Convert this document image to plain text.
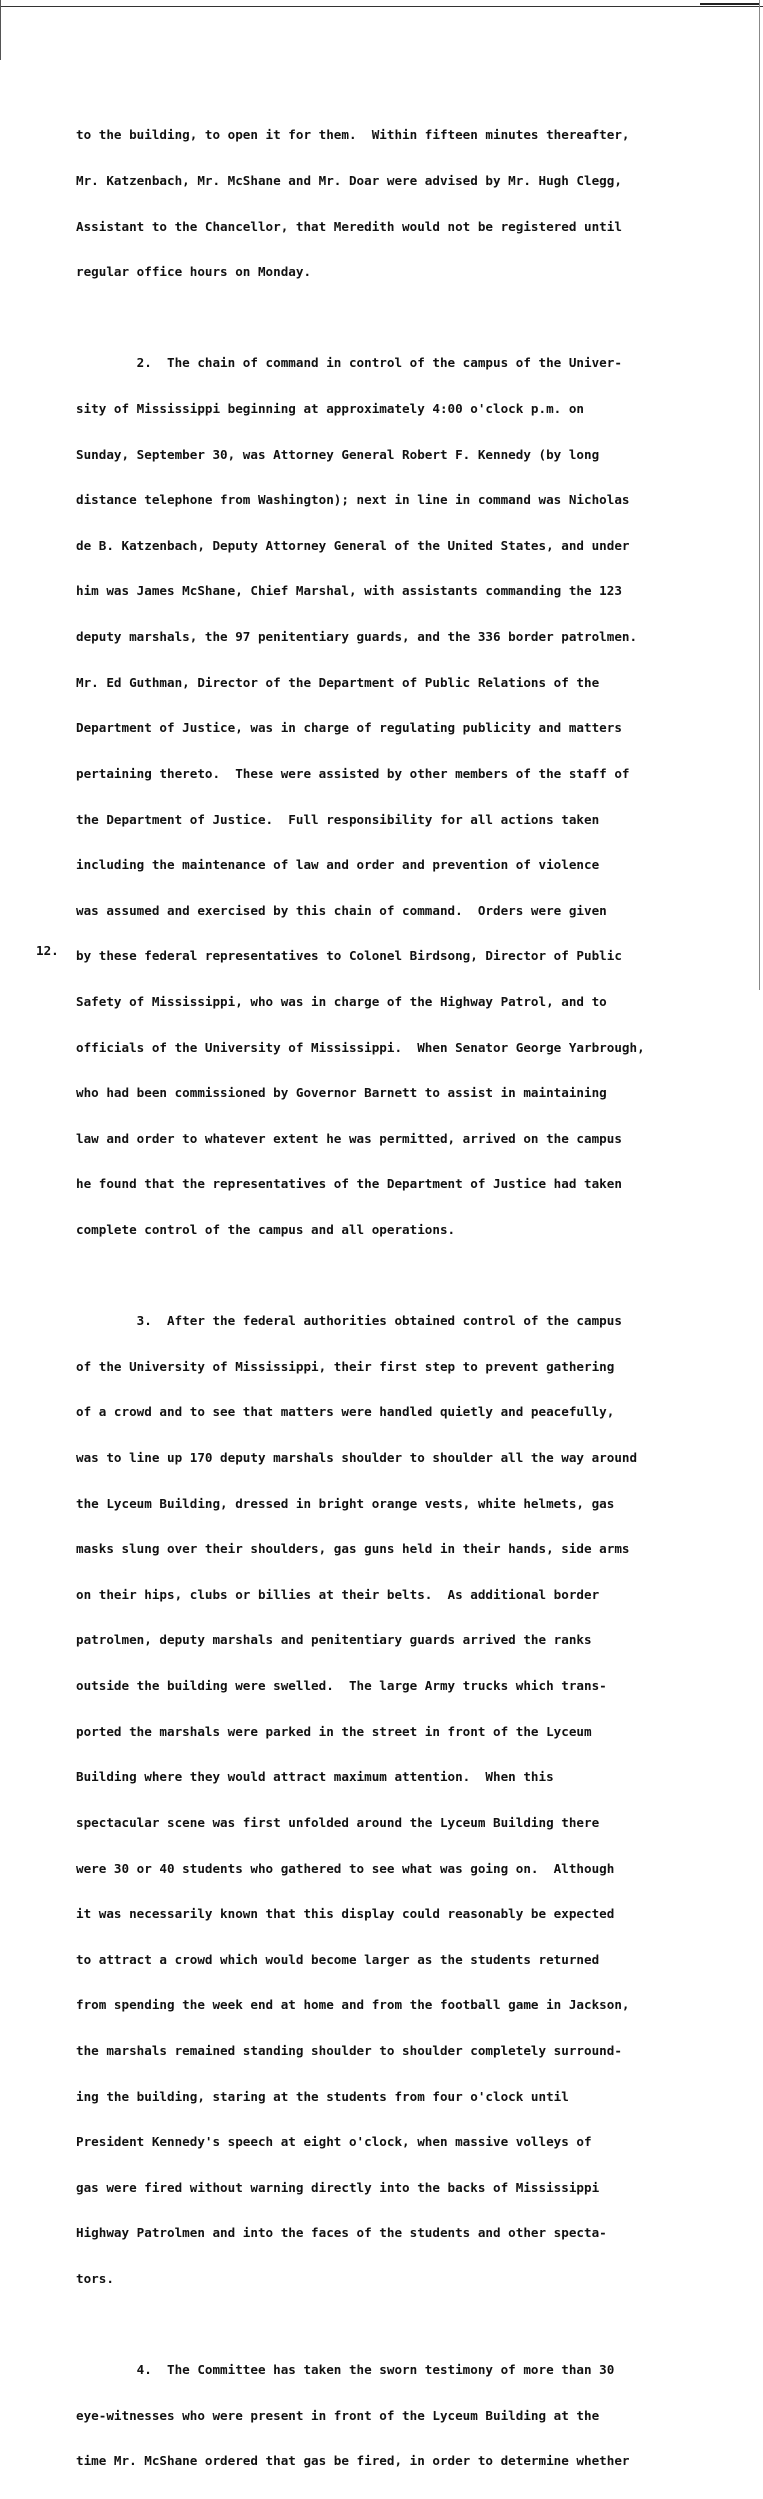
to the building, to open it for them.  Within fifteen minutes thereafter,

Mr. Katzenbach, Mr. McShane and Mr. Doar were advised by Mr. Hugh Clegg,

Assistant to the Chancellor, that Meredith would not be registered until

regular office hours on Monday.

2.  The chain of command in control of the campus of the Univer-

sity of Mississippi beginning at approximately 4:00 o'clock p.m. on

Sunday, September 30, was Attorney General Robert F. Kennedy (by long

distance telephone from Washington); next in line in command was Nicholas

de B. Katzenbach, Deputy Attorney General of the United States, and under

him was James McShane, Chief Marshal, with assistants commanding the 123

deputy marshals, the 97 penitentiary guards, and the 336 border patrolmen.

Mr. Ed Guthman, Director of the Department of Public Relations of the

Department of Justice, was in charge of regulating publicity and matters

pertaining thereto.  These were assisted by other members of the staff of

the Department of Justice.  Full responsibility for all actions taken

including the maintenance of law and order and prevention of violence

was assumed and exercised by this chain of command.  Orders were given

by these federal representatives to Colonel Birdsong, Director of Public

Safety of Mississippi, who was in charge of the Highway Patrol, and to

officials of the University of Mississippi.  When Senator George Yarbrough,

who had been commissioned by Governor Barnett to assist in maintaining

law and order to whatever extent he was permitted, arrived on the campus

he found that the representatives of the Department of Justice had taken

complete control of the campus and all operations.

3.  After the federal authorities obtained control of the campus

of the University of Mississippi, their first step to prevent gathering

of a crowd and to see that matters were handled quietly and peacefully,

was to line up 170 deputy marshals shoulder to shoulder all the way around

the Lyceum Building, dressed in bright orange vests, white helmets, gas

masks slung over their shoulders, gas guns held in their hands, side arms

on their hips, clubs or billies at their belts.  As additional border

patrolmen, deputy marshals and penitentiary guards arrived the ranks

outside the building were swelled.  The large Army trucks which trans-

ported the marshals were parked in the street in front of the Lyceum

Building where they would attract maximum attention.  When this

spectacular scene was first unfolded around the Lyceum Building there

were 30 or 40 students who gathered to see what was going on.  Although

it was necessarily known that this display could reasonably be expected

to attract a crowd which would become larger as the students returned

from spending the week end at home and from the football game in Jackson,

the marshals remained standing shoulder to shoulder completely surround-

ing the building, staring at the students from four o'clock until

President Kennedy's speech at eight o'clock, when massive volleys of

gas were fired without warning directly into the backs of Mississippi

Highway Patrolmen and into the faces of the students and other specta-

tors.

4.  The Committee has taken the sworn testimony of more than 30

eye-witnesses who were present in front of the Lyceum Building at the

time Mr. McShane ordered that gas be fired, in order to determine whether

12.
